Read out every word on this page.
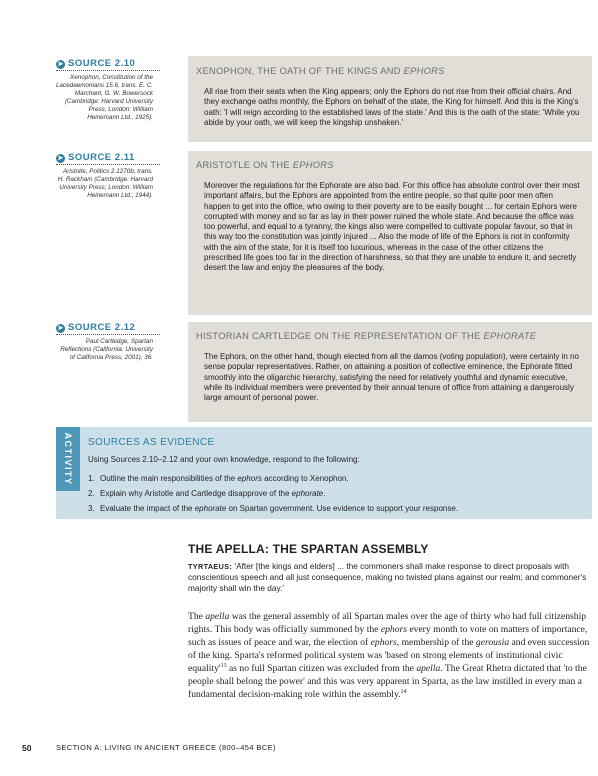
➤ SOURCE 2.10
Xenophon, Constitution of the Lacedaemonians 15.6, trans. E. C. Marchant, G. W. Bowersock (Cambridge: Harvard University Press; London: William Heinemann Ltd., 1925).
XENOPHON, THE OATH OF THE KINGS AND EPHORS
All rise from their seats when the King appears; only the Ephors do not rise from their official chairs. And they exchange oaths monthly, the Ephors on behalf of the state, the King for himself. And this is the King's oath: 'I will reign according to the established laws of the state.' And this is the oath of the state: 'While you abide by your oath, we will keep the kingship unshaken.'
➤ SOURCE 2.11
Aristotle, Politics 2.1270b, trans. H. Rackham (Cambridge: Harvard University Press; London: William Heinemann Ltd., 1944).
ARISTOTLE ON THE EPHORS
Moreover the regulations for the Ephorate are also bad. For this office has absolute control over their most important affairs, but the Ephors are appointed from the entire people, so that quite poor men often happen to get into the office, who owing to their poverty are to be easily bought ... for certain Ephors were corrupted with money and so far as lay in their power ruined the whole state. And because the office was too powerful, and equal to a tyranny, the kings also were compelled to cultivate popular favour, so that in this way too the constitution was jointly injured ... Also the mode of life of the Ephors is not in conformity with the aim of the state, for it is itself too luxurious, whereas in the case of the other citizens the prescribed life goes too far in the direction of harshness, so that they are unable to endure it, and secretly desert the law and enjoy the pleasures of the body.
➤ SOURCE 2.12
Paul Cartledge, Spartan Reflections (California: University of California Press, 2001), 36.
HISTORIAN CARTLEDGE ON THE REPRESENTATION OF THE EPHORATE
The Ephors, on the other hand, though elected from all the damos (voting population), were certainly in no sense popular representatives. Rather, on attaining a position of collective eminence, the Ephorate fitted smoothly into the oligarchic hierarchy, satisfying the need for relatively youthful and dynamic executive, while its individual members were prevented by their annual tenure of office from attaining a dangerously large amount of personal power.
ACTIVITY SOURCES AS EVIDENCE
Using Sources 2.10–2.12 and your own knowledge, respond to the following:
1. Outline the main responsibilities of the ephors according to Xenophon.
2. Explain why Aristotle and Cartledge disapprove of the ephorate.
3. Evaluate the impact of the ephorate on Spartan government. Use evidence to support your response.
THE APELLA: THE SPARTAN ASSEMBLY
TYRTAEUS: 'After [the kings and elders] ... the commoners shall make response to direct proposals with conscientious speech and all just consequence, making no twisted plans against our realm; and commoner's majority shall win the day.'
The apella was the general assembly of all Spartan males over the age of thirty who had full citizenship rights. This body was officially summoned by the ephors every month to vote on matters of importance, such as issues of peace and war, the election of ephors, membership of the gerousia and even succession of the king. Sparta's reformed political system was 'based on strong elements of institutional civic $equality'^{13}$ as no full Spartan citizen was excluded from the apella. The Great Rhetra dictated that 'to the people shall belong the power' and this was very apparent in Sparta, as the law instilled in every man a fundamental decision-making role within the assembly.$^{14}$
50	SECTION A: LIVING IN ANCIENT GREECE (800–454 BCE)
